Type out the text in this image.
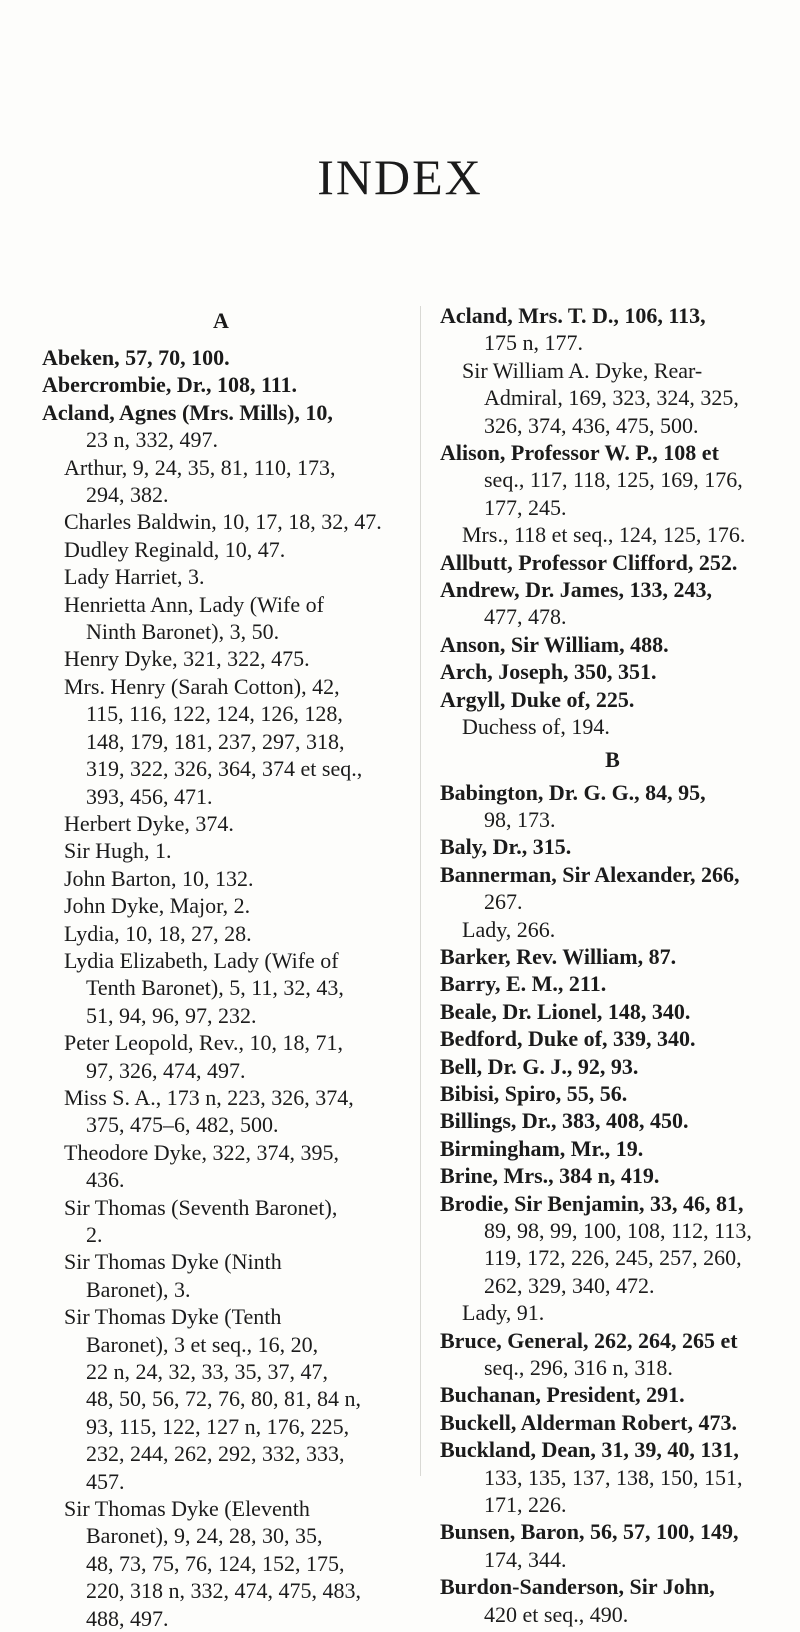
INDEX
A
Abeken, 57, 70, 100.
Abercrombie, Dr., 108, 111.
Acland, Agnes (Mrs. Mills), 10,
23 n, 332, 497.
Arthur, 9, 24, 35, 81, 110, 173,
294, 382.
Charles Baldwin, 10, 17, 18, 32, 47.
Dudley Reginald, 10, 47.
Lady Harriet, 3.
Henrietta Ann, Lady (Wife of
Ninth Baronet), 3, 50.
Henry Dyke, 321, 322, 475.
Mrs. Henry (Sarah Cotton), 42,
115, 116, 122, 124, 126, 128,
148, 179, 181, 237, 297, 318,
319, 322, 326, 364, 374 et seq.,
393, 456, 471.
Herbert Dyke, 374.
Sir Hugh, 1.
John Barton, 10, 132.
John Dyke, Major, 2.
Lydia, 10, 18, 27, 28.
Lydia Elizabeth, Lady (Wife of
Tenth Baronet), 5, 11, 32, 43,
51, 94, 96, 97, 232.
Peter Leopold, Rev., 10, 18, 71,
97, 326, 474, 497.
Miss S. A., 173 n, 223, 326, 374,
375, 475–6, 482, 500.
Theodore Dyke, 322, 374, 395,
436.
Sir Thomas (Seventh Baronet),
2.
Sir Thomas Dyke (Ninth
Baronet), 3.
Sir Thomas Dyke (Tenth
Baronet), 3 et seq., 16, 20,
22 n, 24, 32, 33, 35, 37, 47,
48, 50, 56, 72, 76, 80, 81, 84 n,
93, 115, 122, 127 n, 176, 225,
232, 244, 262, 292, 332, 333,
457.
Sir Thomas Dyke (Eleventh
Baronet), 9, 24, 28, 30, 35,
48, 73, 75, 76, 124, 152, 175,
220, 318 n, 332, 474, 475, 483,
488, 497.
Acland, Mrs. T. D., 106, 113,
175 n, 177.
Sir William A. Dyke, Rear-
Admiral, 169, 323, 324, 325,
326, 374, 436, 475, 500.
Alison, Professor W. P., 108 et
seq., 117, 118, 125, 169, 176,
177, 245.
Mrs., 118 et seq., 124, 125, 176.
Allbutt, Professor Clifford, 252.
Andrew, Dr. James, 133, 243,
477, 478.
Anson, Sir William, 488.
Arch, Joseph, 350, 351.
Argyll, Duke of, 225.
Duchess of, 194.
B
Babington, Dr. G. G., 84, 95,
98, 173.
Baly, Dr., 315.
Bannerman, Sir Alexander, 266,
267.
Lady, 266.
Barker, Rev. William, 87.
Barry, E. M., 211.
Beale, Dr. Lionel, 148, 340.
Bedford, Duke of, 339, 340.
Bell, Dr. G. J., 92, 93.
Bibisi, Spiro, 55, 56.
Billings, Dr., 383, 408, 450.
Birmingham, Mr., 19.
Brine, Mrs., 384 n, 419.
Brodie, Sir Benjamin, 33, 46, 81,
89, 98, 99, 100, 108, 112, 113,
119, 172, 226, 245, 257, 260,
262, 329, 340, 472.
Lady, 91.
Bruce, General, 262, 264, 265 et
seq., 296, 316 n, 318.
Buchanan, President, 291.
Buckell, Alderman Robert, 473.
Buckland, Dean, 31, 39, 40, 131,
133, 135, 137, 138, 150, 151,
171, 226.
Bunsen, Baron, 56, 57, 100, 149,
174, 344.
Burdon-Sanderson, Sir John,
420 et seq., 490.
